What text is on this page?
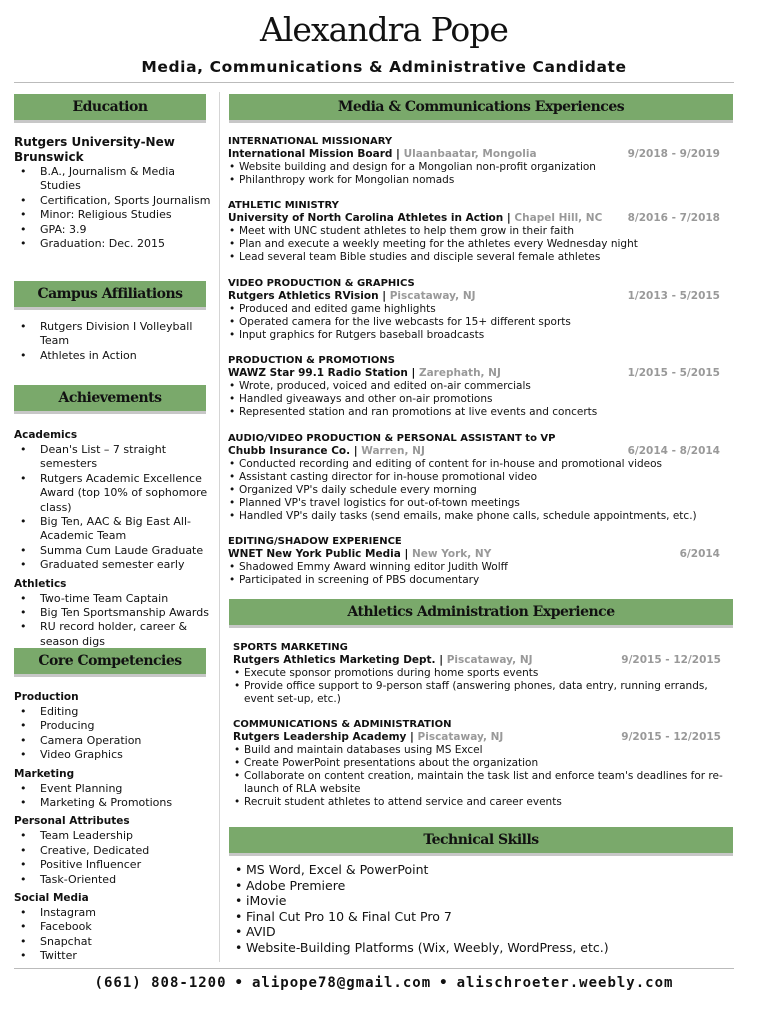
Alexandra Pope
Media, Communications & Administrative Candidate
Education
Rutgers University-New Brunswick
• B.A., Journalism & Media Studies
• Certification, Sports Journalism
• Minor: Religious Studies
• GPA: 3.9
• Graduation: Dec. 2015
Campus Affiliations
• Rutgers Division I Volleyball Team
• Athletes in Action
Achievements
Academics
• Dean's List – 7 straight semesters
• Rutgers Academic Excellence Award (top 10% of sophomore class)
• Big Ten, AAC & Big East All-Academic Team
• Summa Cum Laude Graduate
• Graduated semester early
Athletics
• Two-time Team Captain
• Big Ten Sportsmanship Awards
• RU record holder, career & season digs
Core Competencies
Production
• Editing
• Producing
• Camera Operation
• Video Graphics
Marketing
• Event Planning
• Marketing & Promotions
Personal Attributes
• Team Leadership
• Creative, Dedicated
• Positive Influencer
• Task-Oriented
Social Media
• Instagram
• Facebook
• Snapchat
• Twitter
Media & Communications Experiences
INTERNATIONAL MISSIONARY
International Mission Board | Ulaanbaatar, Mongolia	9/2018 - 9/2019
• Website building and design for a Mongolian non-profit organization
• Philanthropy work for Mongolian nomads
ATHLETIC MINISTRY
University of North Carolina Athletes in Action | Chapel Hill, NC 8/2016 - 7/2018
• Meet with UNC student athletes to help them grow in their faith
• Plan and execute a weekly meeting for the athletes every Wednesday night
• Lead several team Bible studies and disciple several female athletes
VIDEO PRODUCTION & GRAPHICS
Rutgers Athletics RVision | Piscataway, NJ	1/2013 - 5/2015
• Produced and edited game highlights
• Operated camera for the live webcasts for 15+ different sports
• Input graphics for Rutgers baseball broadcasts
PRODUCTION & PROMOTIONS
WAWZ Star 99.1 Radio Station | Zarephath, NJ	1/2015 - 5/2015
• Wrote, produced, voiced and edited on-air commercials
• Handled giveaways and other on-air promotions
• Represented station and ran promotions at live events and concerts
AUDIO/VIDEO PRODUCTION & PERSONAL ASSISTANT to VP
Chubb Insurance Co. | Warren, NJ	6/2014 - 8/2014
• Conducted recording and editing of content for in-house and promotional videos
• Assistant casting director for in-house promotional video
• Organized VP's daily schedule every morning
• Planned VP's travel logistics for out-of-town meetings
• Handled VP's daily tasks (send emails, make phone calls, schedule appointments, etc.)
EDITING/SHADOW EXPERIENCE
WNET New York Public Media | New York, NY	6/2014
• Shadowed Emmy Award winning editor Judith Wolff
• Participated in screening of PBS documentary
Athletics Administration Experience
SPORTS MARKETING
Rutgers Athletics Marketing Dept. | Piscataway, NJ	9/2015 - 12/2015
• Execute sponsor promotions during home sports events
• Provide office support to 9-person staff (answering phones, data entry, running errands, event set-up, etc.)
COMMUNICATIONS & ADMINISTRATION
Rutgers Leadership Academy | Piscataway, NJ	9/2015 - 12/2015
• Build and maintain databases using MS Excel
• Create PowerPoint presentations about the organization
• Collaborate on content creation, maintain the task list and enforce team's deadlines for re-launch of RLA website
• Recruit student athletes to attend service and career events
Technical Skills
• MS Word, Excel & PowerPoint
• Adobe Premiere
• iMovie
• Final Cut Pro 10 & Final Cut Pro 7
• AVID
• Website-Building Platforms (Wix, Weebly, WordPress, etc.)
(661) 808-1200 • alipope78@gmail.com • alischroeter.weebly.com
